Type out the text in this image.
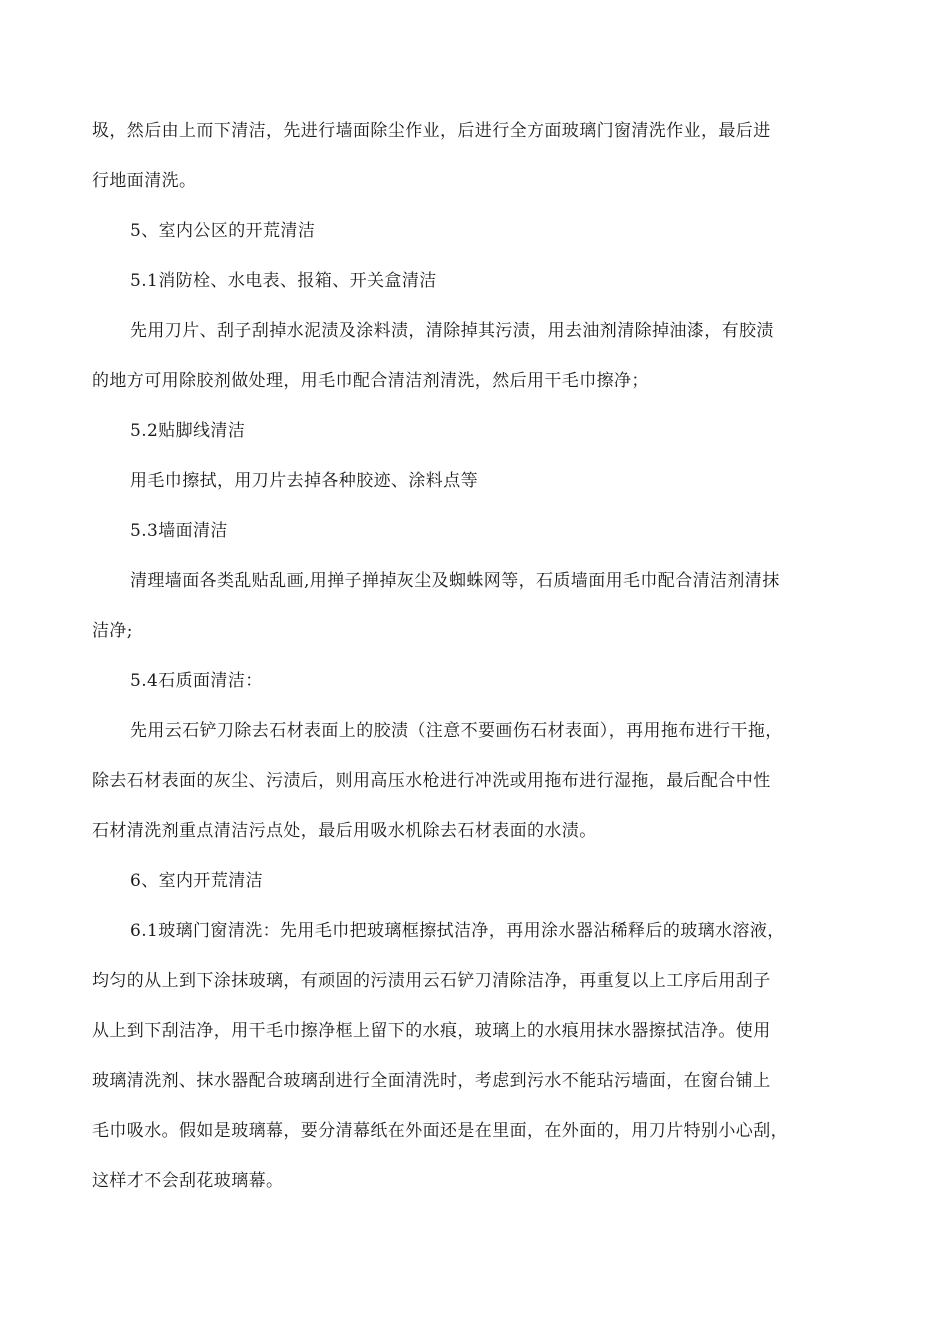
圾，然后由上而下清洁，先进行墙面除尘作业，后进行全方面玻璃门窗清洗作业，最后进
行地面清洗。
5、室内公区的开荒清洁
5.1消防栓、水电表、报箱、开关盒清洁
先用刀片、刮子刮掉水泥渍及涂料渍，清除掉其污渍，用去油剂清除掉油漆，有胶渍
的地方可用除胶剂做处理，用毛巾配合清洁剂清洗，然后用干毛巾擦净；
5.2贴脚线清洁
用毛巾擦拭，用刀片去掉各种胶迹、涂料点等
5.3墙面清洁
清理墙面各类乱贴乱画,用掸子掸掉灰尘及蜘蛛网等，石质墙面用毛巾配合清洁剂清抹
洁净;
5.4石质面清洁：
先用云石铲刀除去石材表面上的胶渍（注意不要画伤石材表面），再用拖布进行干拖，
除去石材表面的灰尘、污渍后，则用高压水枪进行冲洗或用拖布进行湿拖，最后配合中性
石材清洗剂重点清洁污点处，最后用吸水机除去石材表面的水渍。
6、室内开荒清洁
6.1玻璃门窗清洗：先用毛巾把玻璃框擦拭洁净，再用涂水器沾稀释后的玻璃水溶液，
均匀的从上到下涂抹玻璃，有顽固的污渍用云石铲刀清除洁净，再重复以上工序后用刮子
从上到下刮洁净，用干毛巾擦净框上留下的水痕，玻璃上的水痕用抹水器擦拭洁净。使用
玻璃清洗剂、抹水器配合玻璃刮进行全面清洗时，考虑到污水不能玷污墙面，在窗台铺上
毛巾吸水。假如是玻璃幕，要分清幕纸在外面还是在里面，在外面的，用刀片特别小心刮，
这样才不会刮花玻璃幕。
